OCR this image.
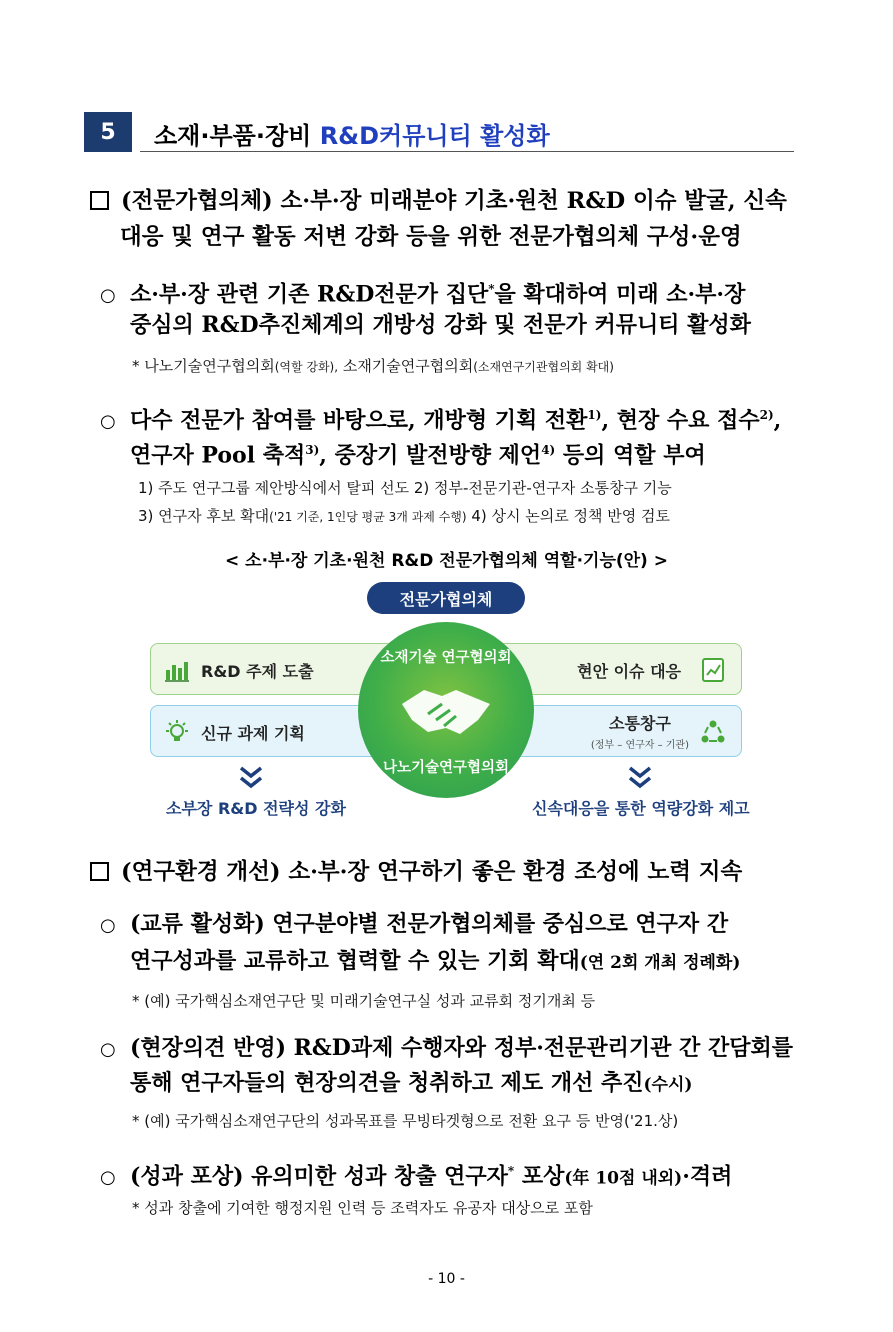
5	소재·부품·장비 R&D커뮤니티 활성화
(전문가협의체) 소·부·장 미래분야 기초·원천 R&D 이슈 발굴, 신속
대응 및 연구 활동 저변 강화 등을 위한 전문가협의체 구성·운영
○ 소·부·장 관련 기존 R&D전문가 집단*을 확대하여 미래 소·부·장
중심의 R&D추진체계의 개방성 강화 및 전문가 커뮤니티 활성화
* 나노기술연구협의회(역할 강화), 소재기술연구협의회(소재연구기관협의회 확대)
○ 다수 전문가 참여를 바탕으로, 개방형 기획 전환$^{1)}$, 현장 수요 접수$^{2)}$,
연구자 Pool 축적$^{3)}$, 중장기 발전방향 제언$^{4)}$ 등의 역할 부여
1) 주도 연구그룹 제안방식에서 탈피 선도 2) 정부-전문기관-연구자 소통창구 기능
3) 연구자 후보 확대('21 기준, 1인당 평균 3개 과제 수행) 4) 상시 논의로 정책 반영 검토
< 소·부·장 기초·원천 R&D 전문가협의체 역할·기능(안) >
R&D 주제 도출	현안 이슈 대응
신규 과제 기획
소통창구
(정부 – 연구자 – 기관)
전문가협의체
소재기술 연구협의회
나노기술연구협의회
소부장 R&D 전략성 강화	신속대응을 통한 역량강화 제고
(연구환경 개선) 소·부·장 연구하기 좋은 환경 조성에 노력 지속
○ (교류 활성화) 연구분야별 전문가협의체를 중심으로 연구자 간
연구성과를 교류하고 협력할 수 있는 기회 확대(연 2회 개최 정례화)
* (예) 국가핵심소재연구단 및 미래기술연구실 성과 교류회 정기개최 등
○ (현장의견 반영) R&D과제 수행자와 정부·전문관리기관 간 간담회를
통해 연구자들의 현장의견을 청취하고 제도 개선 추진(수시)
* (예) 국가핵심소재연구단의 성과목표를 무빙타겟형으로 전환 요구 등 반영('21.상)
○ (성과 포상) 유의미한 성과 창출 연구자* 포상(年 10점 내외)·격려
* 성과 창출에 기여한 행정지원 인력 등 조력자도 유공자 대상으로 포함
- 10 -
